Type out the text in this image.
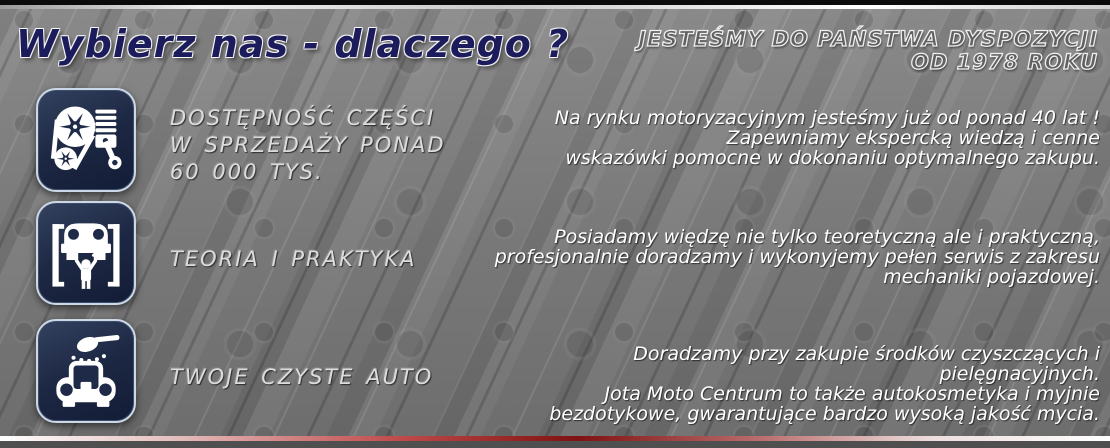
Wybierz nas - dlaczego ?	JESTEŚMY DO PAŃSTWA DYSPOZYCJI
OD 1978 ROKU
DOSTĘPNOŚĆ CZĘŚCI
W SPRZEDAŻY PONAD
60 000 TYS.
Na rynku motoryzacyjnym jesteśmy już od ponad 40 lat !
Zapewniamy ekspercką wiedzą i cenne
wskazówki pomocne w dokonaniu optymalnego zakupu.
TEORIA I PRAKTYKA
Posiadamy więdzę nie tylko teoretyczną ale i praktyczną,
profesjonalnie doradzamy i wykonyjemy pełen serwis z zakresu
mechaniki pojazdowej.
TWOJE CZYSTE AUTO
Doradzamy przy zakupie środków czyszczących i pielęgnacyjnych.
Jota Moto Centrum to także autokosmetyka i myjnie
bezdotykowe, gwarantujące bardzo wysoką jakość mycia.
